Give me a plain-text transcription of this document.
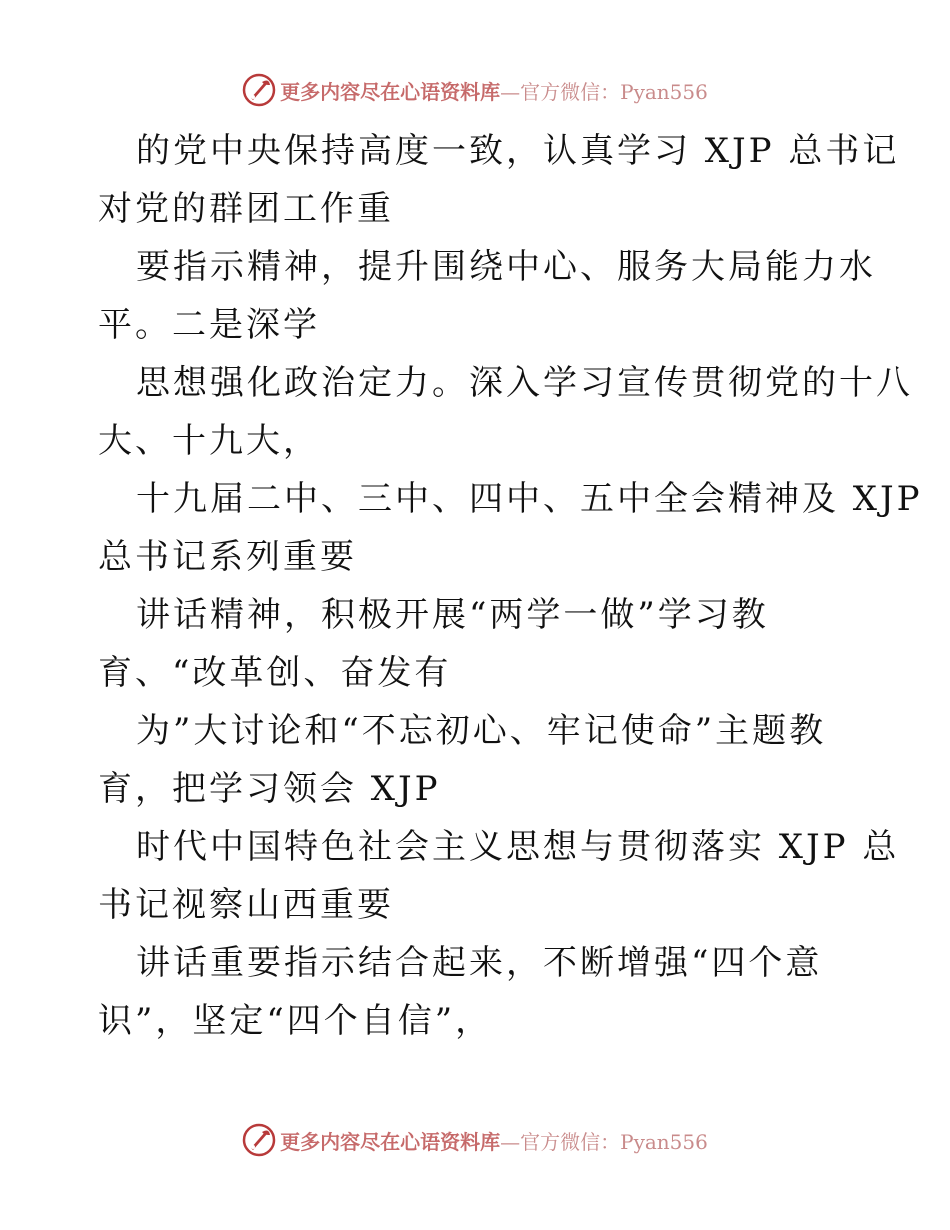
更多内容尽在心语资料库—官方微信：Pyan556
的党中央保持高度一致，认真学习 XJP 总书记
对党的群团工作重
要指示精神，提升围绕中心、服务大局能力水
平。二是深学
思想强化政治定力。深入学习宣传贯彻党的十八
大、十九大，
十九届二中、三中、四中、五中全会精神及 XJP
总书记系列重要
讲话精神，积极开展“两学一做”学习教
育、“改革创、奋发有
为”大讨论和“不忘初心、牢记使命”主题教
育，把学习领会 XJP
时代中国特色社会主义思想与贯彻落实 XJP 总
书记视察山西重要
讲话重要指示结合起来，不断增强“四个意
识”，坚定“四个自信”，
更多内容尽在心语资料库—官方微信：Pyan556
